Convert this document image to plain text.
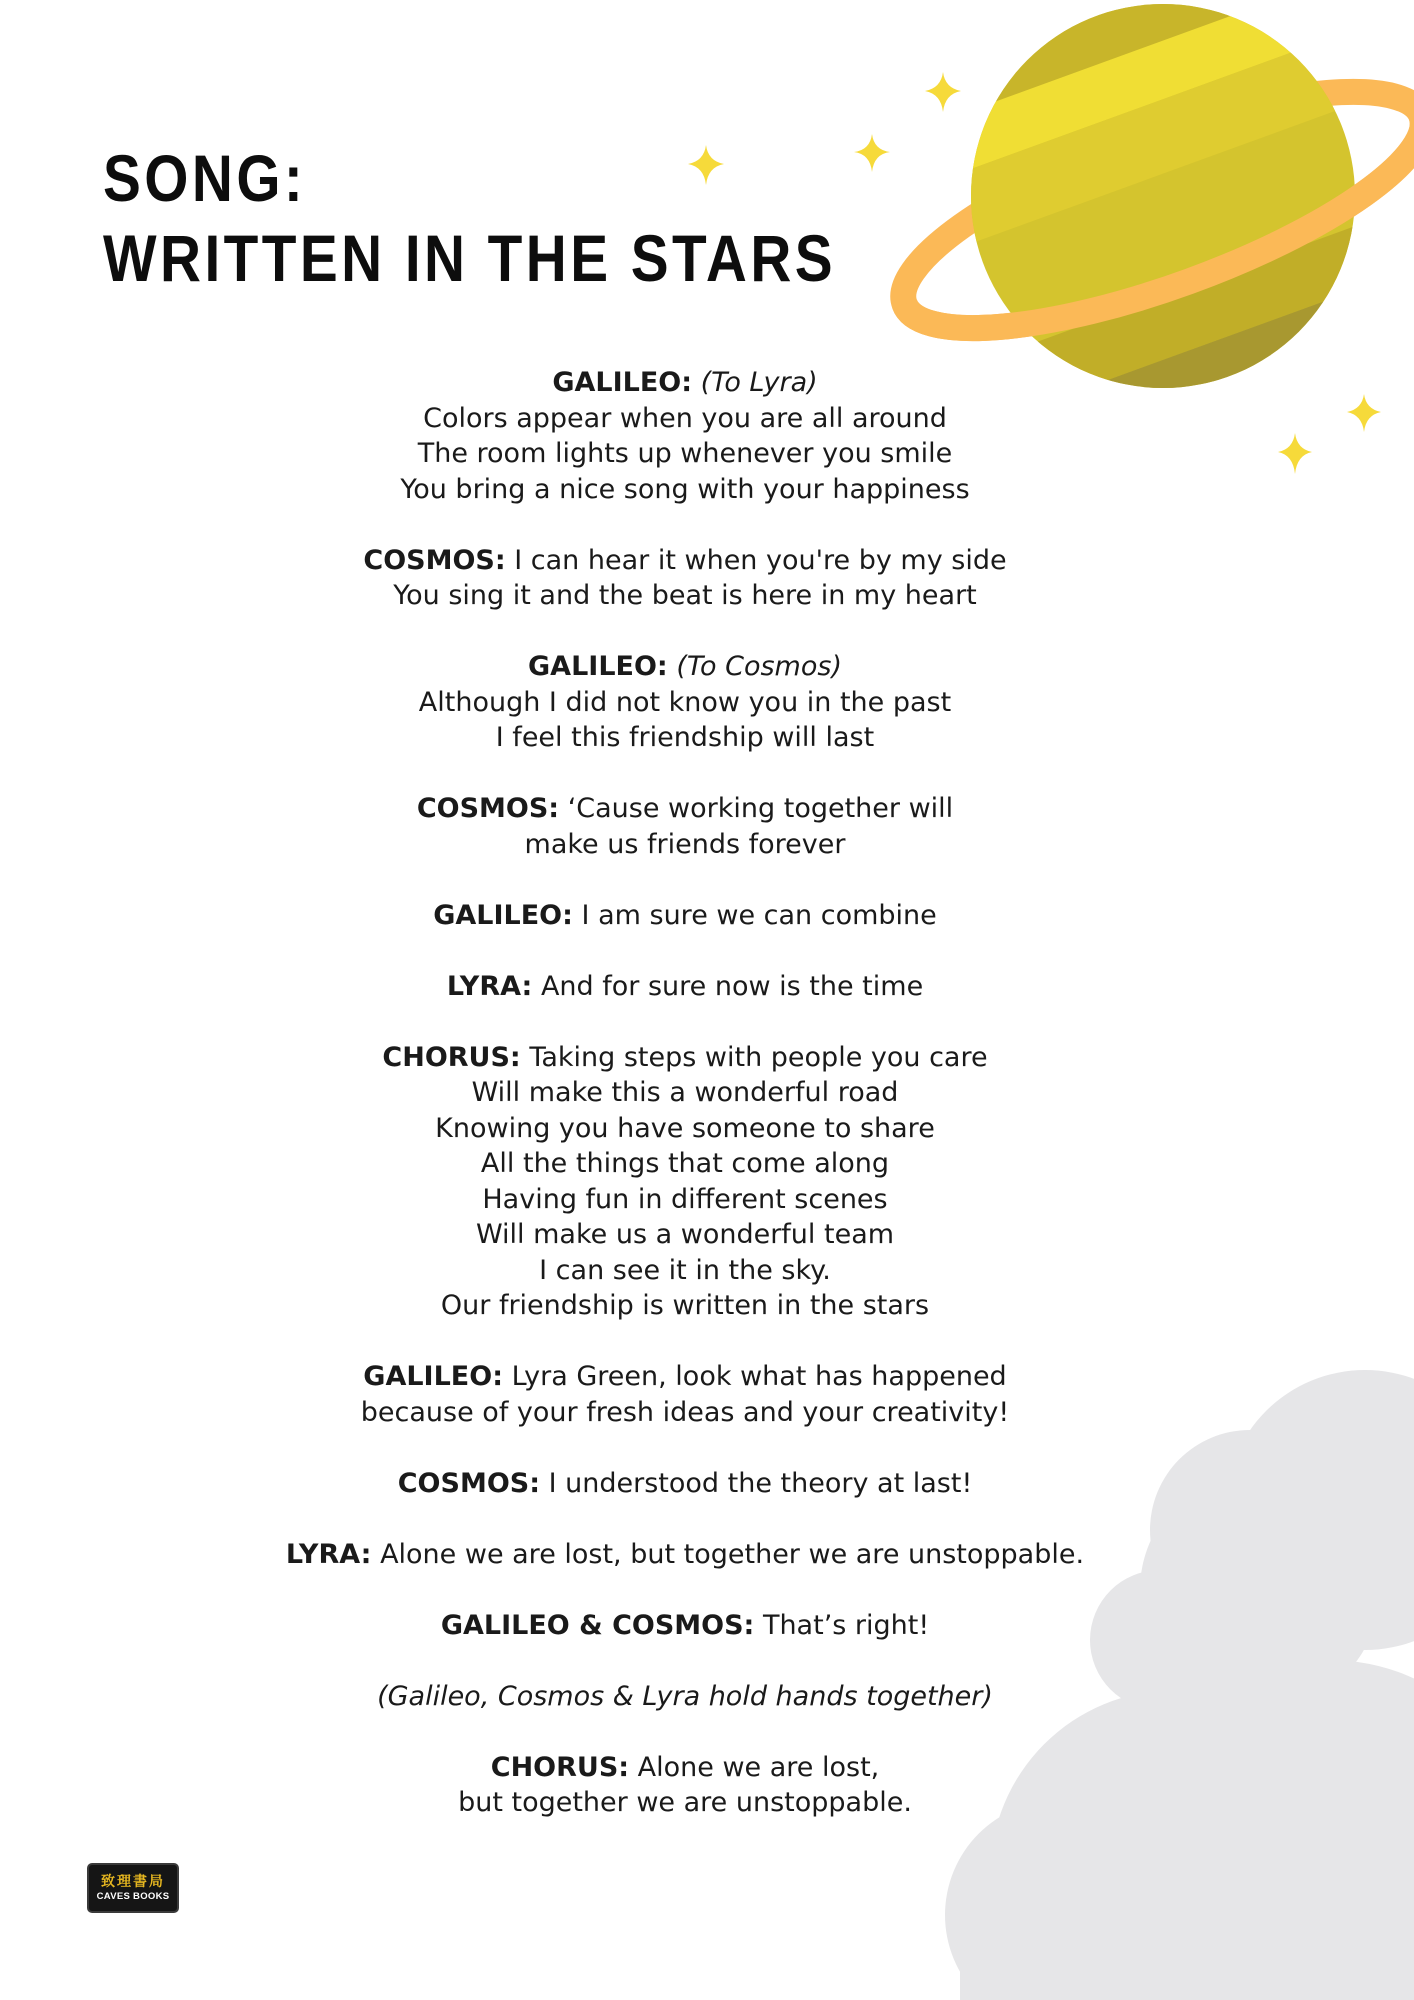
SONG:
WRITTEN IN THE STARS

GALILEO: (To Lyra)
Colors appear when you are all around
The room lights up whenever you smile
You bring a nice song with your happiness

COSMOS: I can hear it when you're by my side
You sing it and the beat is here in my heart

GALILEO: (To Cosmos)
Although I did not know you in the past
I feel this friendship will last

COSMOS: ‘Cause working together will
make us friends forever

GALILEO: I am sure we can combine

LYRA: And for sure now is the time

CHORUS: Taking steps with people you care
Will make this a wonderful road
Knowing you have someone to share
All the things that come along
Having fun in different scenes
Will make us a wonderful team
I can see it in the sky.
Our friendship is written in the stars

GALILEO: Lyra Green, look what has happened
because of your fresh ideas and your creativity!

COSMOS: I understood the theory at last!

LYRA: Alone we are lost, but together we are unstoppable.

GALILEO & COSMOS: That’s right!

(Galileo, Cosmos & Lyra hold hands together)

CHORUS: Alone we are lost,
but together we are unstoppable.

致理書局
CAVES BOOKS
